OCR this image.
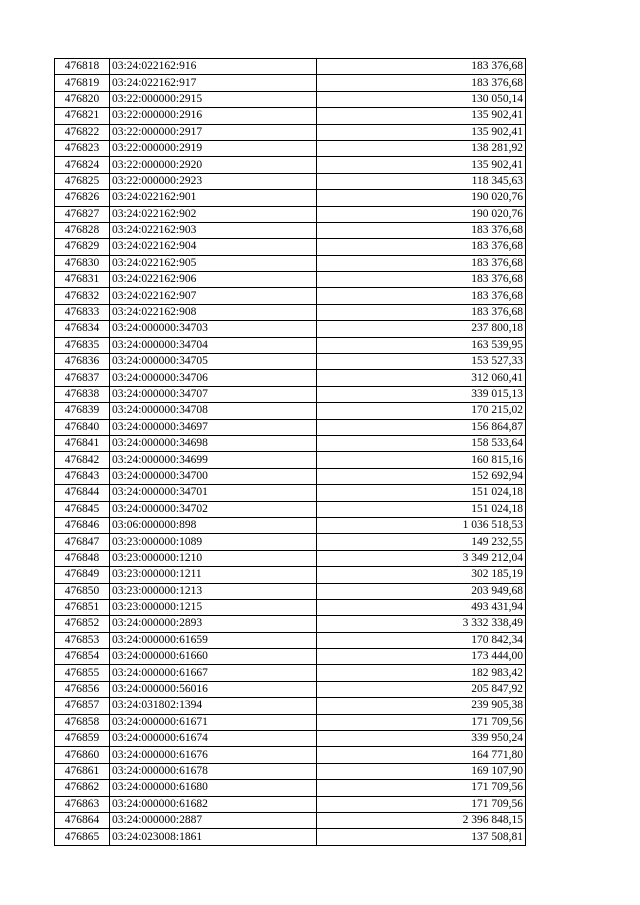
476818	03:24:022162:916	183 376,68
476819	03:24:022162:917	183 376,68
476820	03:22:000000:2915	130 050,14
476821	03:22:000000:2916	135 902,41
476822	03:22:000000:2917	135 902,41
476823	03:22:000000:2919	138 281,92
476824	03:22:000000:2920	135 902,41
476825	03:22:000000:2923	118 345,63
476826	03:24:022162:901	190 020,76
476827	03:24:022162:902	190 020,76
476828	03:24:022162:903	183 376,68
476829	03:24:022162:904	183 376,68
476830	03:24:022162:905	183 376,68
476831	03:24:022162:906	183 376,68
476832	03:24:022162:907	183 376,68
476833	03:24:022162:908	183 376,68
476834	03:24:000000:34703	237 800,18
476835	03:24:000000:34704	163 539,95
476836	03:24:000000:34705	153 527,33
476837	03:24:000000:34706	312 060,41
476838	03:24:000000:34707	339 015,13
476839	03:24:000000:34708	170 215,02
476840	03:24:000000:34697	156 864,87
476841	03:24:000000:34698	158 533,64
476842	03:24:000000:34699	160 815,16
476843	03:24:000000:34700	152 692,94
476844	03:24:000000:34701	151 024,18
476845	03:24:000000:34702	151 024,18
476846	03:06:000000:898	1 036 518,53
476847	03:23:000000:1089	149 232,55
476848	03:23:000000:1210	3 349 212,04
476849	03:23:000000:1211	302 185,19
476850	03:23:000000:1213	203 949,68
476851	03:23:000000:1215	493 431,94
476852	03:24:000000:2893	3 332 338,49
476853	03:24:000000:61659	170 842,34
476854	03:24:000000:61660	173 444,00
476855	03:24:000000:61667	182 983,42
476856	03:24:000000:56016	205 847,92
476857	03:24:031802:1394	239 905,38
476858	03:24:000000:61671	171 709,56
476859	03:24:000000:61674	339 950,24
476860	03:24:000000:61676	164 771,80
476861	03:24:000000:61678	169 107,90
476862	03:24:000000:61680	171 709,56
476863	03:24:000000:61682	171 709,56
476864	03:24:000000:2887	2 396 848,15
476865	03:24:023008:1861	137 508,81
